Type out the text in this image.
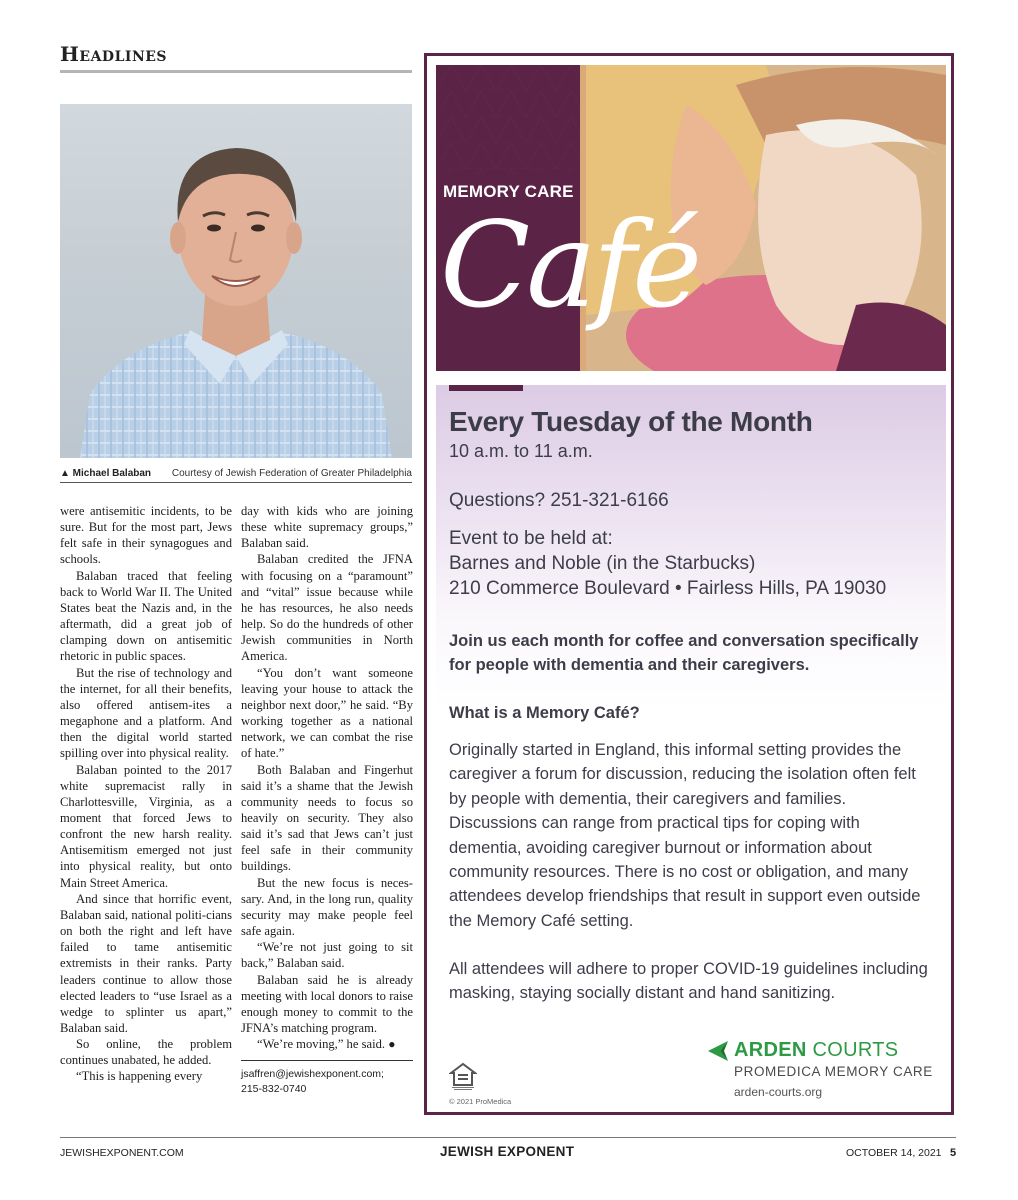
Headlines
▲ Michael Balaban Courtesy of Jewish Federation of Greater Philadelphia

were antisemitic incidents, to be sure. But for the most part, Jews felt safe in their synagogues and schools.

Balaban traced that feeling back to World War II. The United States beat the Nazis and, in the aftermath, did a great job of clamping down on antisemitic rhetoric in public spaces.

But the rise of technology and the internet, for all their benefits, also offered antisem-ites a megaphone and a platform. And then the digital world started spilling over into physical reality.

Balaban pointed to the 2017 white supremacist rally in Charlottesville, Virginia, as a moment that forced Jews to confront the new harsh reality. Antisemitism emerged not just into physical reality, but onto Main Street America.

And since that horrific event, Balaban said, national politi-cians on both the right and left have failed to tame antisemitic extremists in their ranks. Party leaders continue to allow those elected leaders to “use Israel as a wedge to splinter us apart,” Balaban said.

So online, the problem continues unabated, he added.

“This is happening every

day with kids who are joining these white supremacy groups,” Balaban said.

Balaban credited the JFNA with focusing on a “paramount” and “vital” issue because while he has resources, he also needs help. So do the hundreds of other Jewish communities in North America.

“You don’t want someone leaving your house to attack the neighbor next door,” he said. “By working together as a national network, we can combat the rise of hate.”

Both Balaban and Fingerhut said it’s a shame that the Jewish community needs to focus so heavily on security. They also said it’s sad that Jews can’t just feel safe in their community buildings.

But the new focus is neces-sary. And, in the long run, quality security may make people feel safe again.

“We’re not just going to sit back,” Balaban said.

Balaban said he is already meeting with local donors to raise enough money to commit to the JFNA’s matching program.

“We’re moving,” he said. ●

jsaffren@jewishexponent.com;
215-832-0740
MEMORY CARE
Café
Every Tuesday of the Month
10 a.m. to 11 a.m.
Questions? 251-321-6166
Event to be held at:
Barnes and Noble (in the Starbucks)
210 Commerce Boulevard • Fairless Hills, PA 19030
Join us each month for coffee and conversation specifically for people with dementia and their caregivers.
What is a Memory Café?
Originally started in England, this informal setting provides the caregiver a forum for discussion, reducing the isolation often felt by people with dementia, their caregivers and families. Discussions can range from practical tips for coping with dementia, avoiding caregiver burnout or information about community resources. There is no cost or obligation, and many attendees develop friendships that result in support even outside the Memory Café setting.
All attendees will adhere to proper COVID-19 guidelines including masking, staying socially distant and hand sanitizing.
© 2021 ProMedica
ARDEN COURTS
PROMEDICA MEMORY CARE
arden-courts.org
JEWISHEXPONENT.COM	JEWISH EXPONENT	OCTOBER 14, 2021 5
